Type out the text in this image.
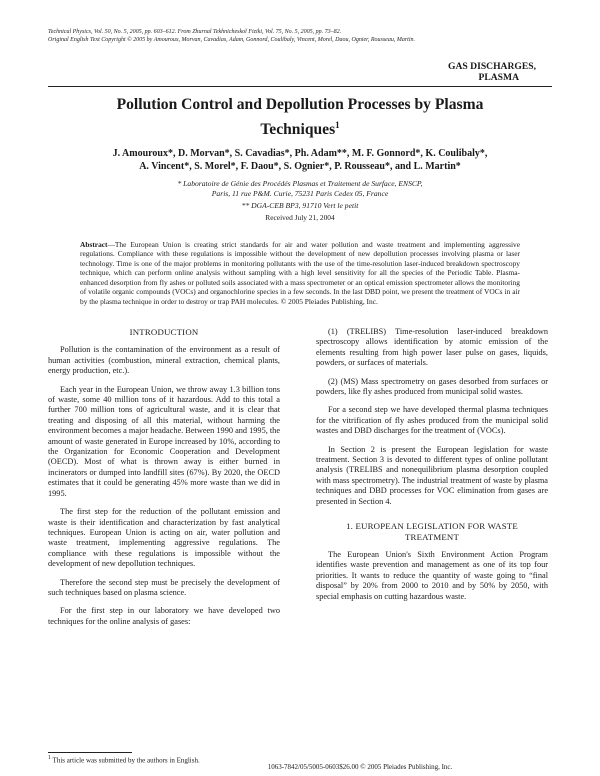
Technical Physics, Vol. 50, No. 5, 2005, pp. 603–612. From Zhurnal Tekhnicheskoĭ Fiziki, Vol. 75, No. 5, 2005, pp. 73–82.
Original English Text Copyright © 2005 by Amouroux, Morvan, Cavadias, Adam, Gonnord, Coulibaly, Vincent, Morel, Daou, Ognier, Rousseau, Martin.
GAS DISCHARGES,
PLASMA
Pollution Control and Depollution Processes by Plasma
Techniques$^1$
J. Amouroux*, D. Morvan*, S. Cavadias*, Ph. Adam**, M. F. Gonnord*, K. Coulibaly*,
A. Vincent*, S. Morel*, F. Daou*, S. Ognier*, P. Rousseau*, and L. Martin*
* Laboratoire de Génie des Procédés Plasmas et Traitement de Surface, ENSCP,
Paris, 11 rue P&M. Curie, 75231 Paris Cedex 05, France
** DGA-CEB BP3, 91710 Vert le petit
Received July 21, 2004
Abstract—The European Union is creating strict standards for air and water pollution and waste treatment and implementing aggressive regulations. Compliance with these regulations is impossible without the development of new depollution processes involving plasma or laser technology. Time is one of the major problems in monitoring pollutants with the use of the time-resolution laser-induced breakdown spectroscopy technique, which can perform online analysis without sampling with a high level sensitivity for all the species of the Periodic Table. Plasma-enhanced desorption from fly ashes or polluted soils associated with a mass spectrometer or an optical emission spectrometer allows the monitoring of volatile organic compounds (VOCs) and organochlorine species in a few seconds. In the last DBD point, we present the treatment of VOCs in air by the plasma technique in order to destroy or trap PAH molecules. © 2005 Pleiades Publishing, Inc.
INTRODUCTION

Pollution is the contamination of the environment as a result of human activities (combustion, mineral extraction, chemical plants, energy production, etc.).

Each year in the European Union, we throw away 1.3 billion tons of waste, some 40 million tons of it hazardous. Add to this total a further 700 million tons of agricultural waste, and it is clear that treating and disposing of all this material, without harming the environment becomes a major headache. Between 1990 and 1995, the amount of waste generated in Europe increased by 10%, according to the Organization for Economic Cooperation and Development (OECD). Most of what is thrown away is either burned in incinerators or dumped into landfill sites (67%). By 2020, the OECD estimates that it could be generating 45% more waste than we did in 1995.

The first step for the reduction of the pollutant emission and waste is their identification and characterization by fast analytical techniques. European Union is acting on air, water pollution and waste treatment, implementing aggressive regulations. The compliance with these regulations is impossible without the development of new depollution techniques.

Therefore the second step must be precisely the development of such techniques based on plasma science.

For the first step in our laboratory we have developed two techniques for the online analysis of gases:

$^1$ This article was submitted by the authors in English.

(1) (TRELIBS) Time-resolution laser-induced breakdown spectroscopy allows identification by atomic emission of the elements resulting from high power laser pulse on gases, liquids, powders, or surfaces of materials.

(2) (MS) Mass spectrometry on gases desorbed from surfaces or powders, like fly ashes produced from municipal solid wastes.

For a second step we have developed thermal plasma techniques for the vitrification of fly ashes produced from the municipal solid wastes and DBD discharges for the treatment of (VOCs).

In Section 2 is present the European legislation for waste treatment. Section 3 is devoted to different types of online pollutant analysis (TRELIBS and nonequilibrium plasma desorption coupled with mass spectrometry). The industrial treatment of waste by plasma techniques and DBD processes for VOC elimination from gases are presented in Section 4.

1. EUROPEAN LEGISLATION FOR WASTE
TREATMENT

The European Union's Sixth Environment Action Program identifies waste prevention and management as one of its top four priorities. It wants to reduce the quantity of waste going to “final disposal” by 20% from 2000 to 2010 and by 50% by 2050, with special emphasis on cutting hazardous waste.

1063-7842/05/5005-0603$26.00 © 2005 Pleiades Publishing, Inc.
